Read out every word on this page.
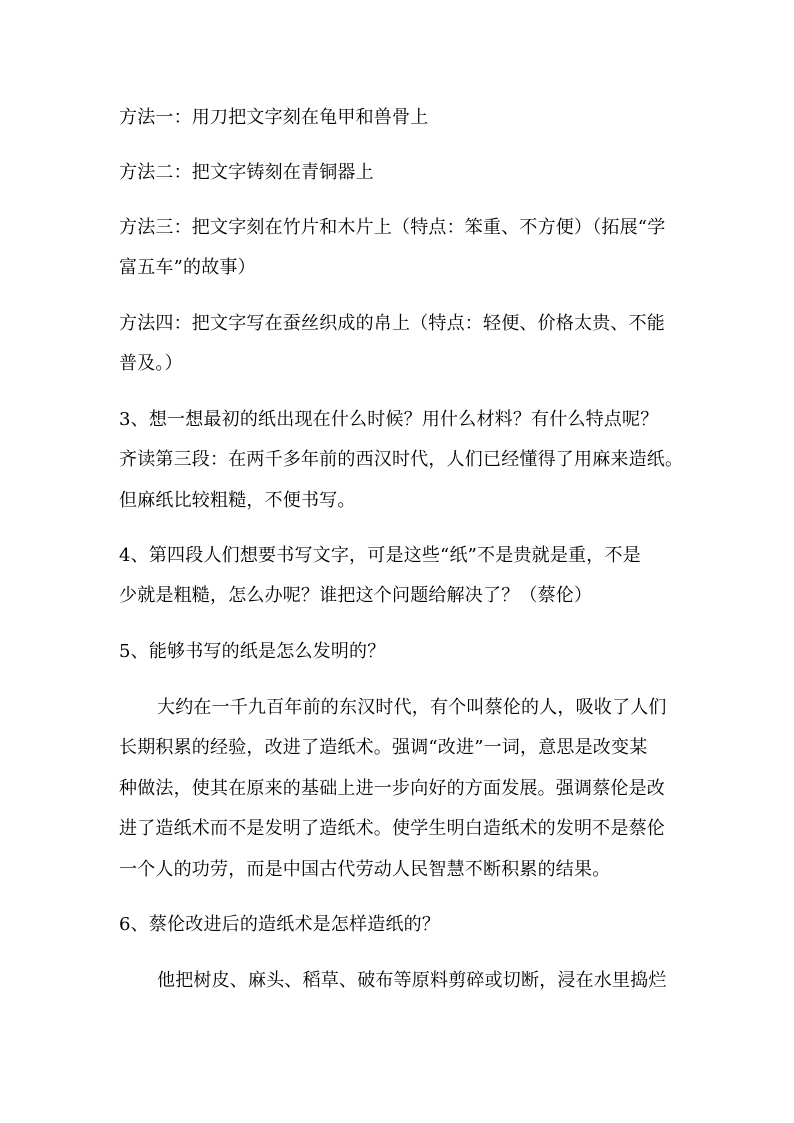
方法一：用刀把文字刻在龟甲和兽骨上
方法二：把文字铸刻在青铜器上
方法三：把文字刻在竹片和木片上（特点：笨重、不方便）（拓展“学
富五车”的故事）
方法四：把文字写在蚕丝织成的帛上（特点：轻便、价格太贵、不能
普及。）
3、想一想最初的纸出现在什么时候？用什么材料？有什么特点呢？
齐读第三段：在两千多年前的西汉时代，人们已经懂得了用麻来造纸。
但麻纸比较粗糙，不便书写。
4、第四段人们想要书写文字，可是这些“纸”不是贵就是重，不是
少就是粗糙，怎么办呢？谁把这个问题给解决了？（蔡伦）
5、能够书写的纸是怎么发明的？
大约在一千九百年前的东汉时代，有个叫蔡伦的人，吸收了人们
长期积累的经验，改进了造纸术。强调“改进”一词，意思是改变某
种做法，使其在原来的基础上进一步向好的方面发展。强调蔡伦是改
进了造纸术而不是发明了造纸术。使学生明白造纸术的发明不是蔡伦
一个人的功劳，而是中国古代劳动人民智慧不断积累的结果。
6、蔡伦改进后的造纸术是怎样造纸的？
他把树皮、麻头、稻草、破布等原料剪碎或切断，浸在水里捣烂
